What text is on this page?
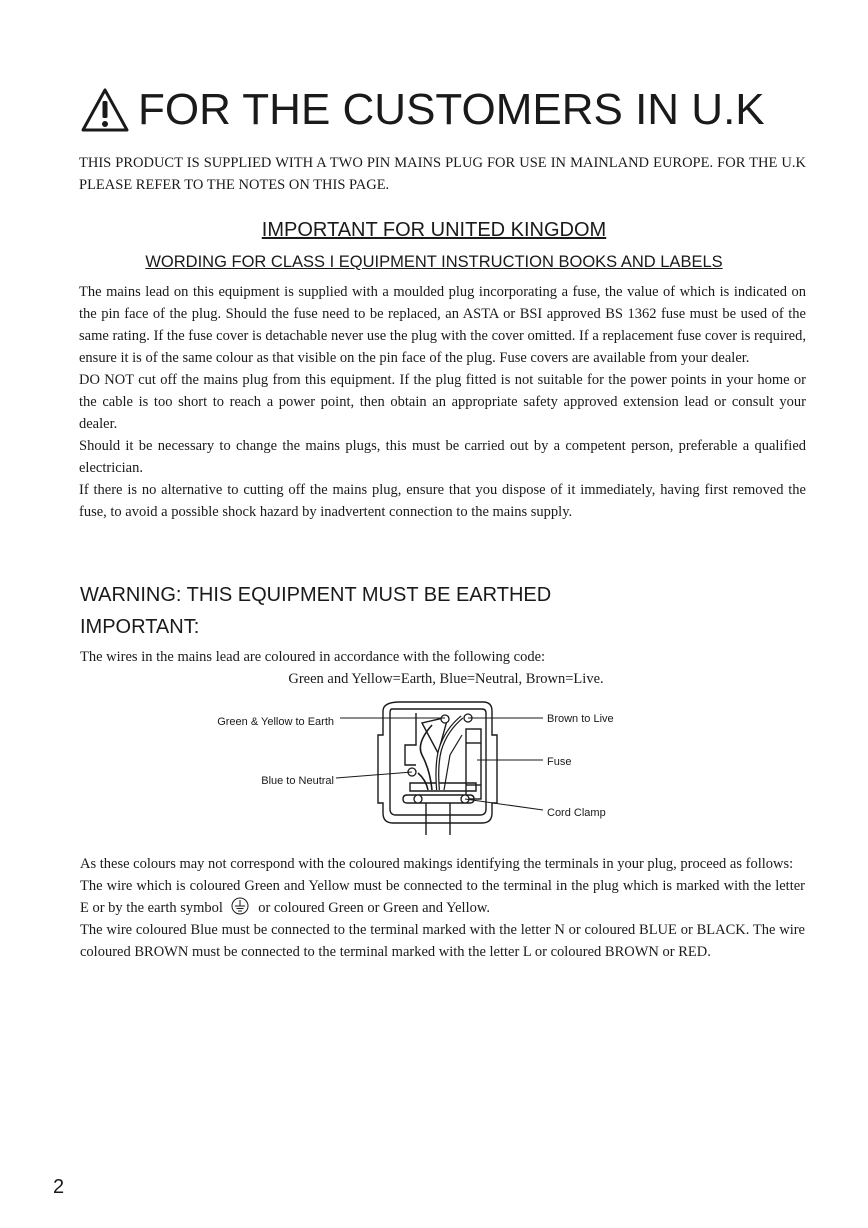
FOR THE CUSTOMERS IN U.K
THIS PRODUCT IS SUPPLIED WITH A TWO PIN MAINS PLUG FOR USE IN MAINLAND EUROPE. FOR THE U.K PLEASE REFER TO THE NOTES ON THIS PAGE.
IMPORTANT FOR UNITED KINGDOM
WORDING FOR CLASS I EQUIPMENT INSTRUCTION BOOKS AND LABELS

The mains lead on this equipment is supplied with a moulded plug incorporating a fuse, the value of which is indicated on the pin face of the plug. Should the fuse need to be replaced, an ASTA or BSI approved BS 1362 fuse must be used of the same rating. If the fuse cover is detachable never use the plug with the cover omitted. If a replacement fuse cover is required, ensure it is of the same colour as that visible on the pin face of the plug. Fuse covers are available from your dealer.

DO NOT cut off the mains plug from this equipment. If the plug fitted is not suitable for the power points in your home or the cable is too short to reach a power point, then obtain an appropriate safety approved extension lead or consult your dealer.

Should it be necessary to change the mains plugs, this must be carried out by a competent person, preferable a qualified electrician.

If there is no alternative to cutting off the mains plug, ensure that you dispose of it immediately, having first removed the fuse, to avoid a possible shock hazard by inadvertent connection to the mains supply.

WARNING: THIS EQUIPMENT MUST BE EARTHED
IMPORTANT:

The wires in the mains lead are coloured in accordance with the following code:

Green and Yellow=Earth, Blue=Neutral, Brown=Live.

Green & Yellow to Earth
Blue to Neutral
Brown to Live
Fuse
Cord Clamp

As these colours may not correspond with the coloured makings identifying the terminals in your plug, proceed as follows:

The wire which is coloured Green and Yellow must be connected to the terminal in the plug which is marked with the letter E or by the earth symbol or coloured Green or Green and Yellow.

The wire coloured Blue must be connected to the terminal marked with the letter N or coloured BLUE or BLACK. The wire coloured BROWN must be connected to the terminal marked with the letter L or coloured BROWN or RED.

2
